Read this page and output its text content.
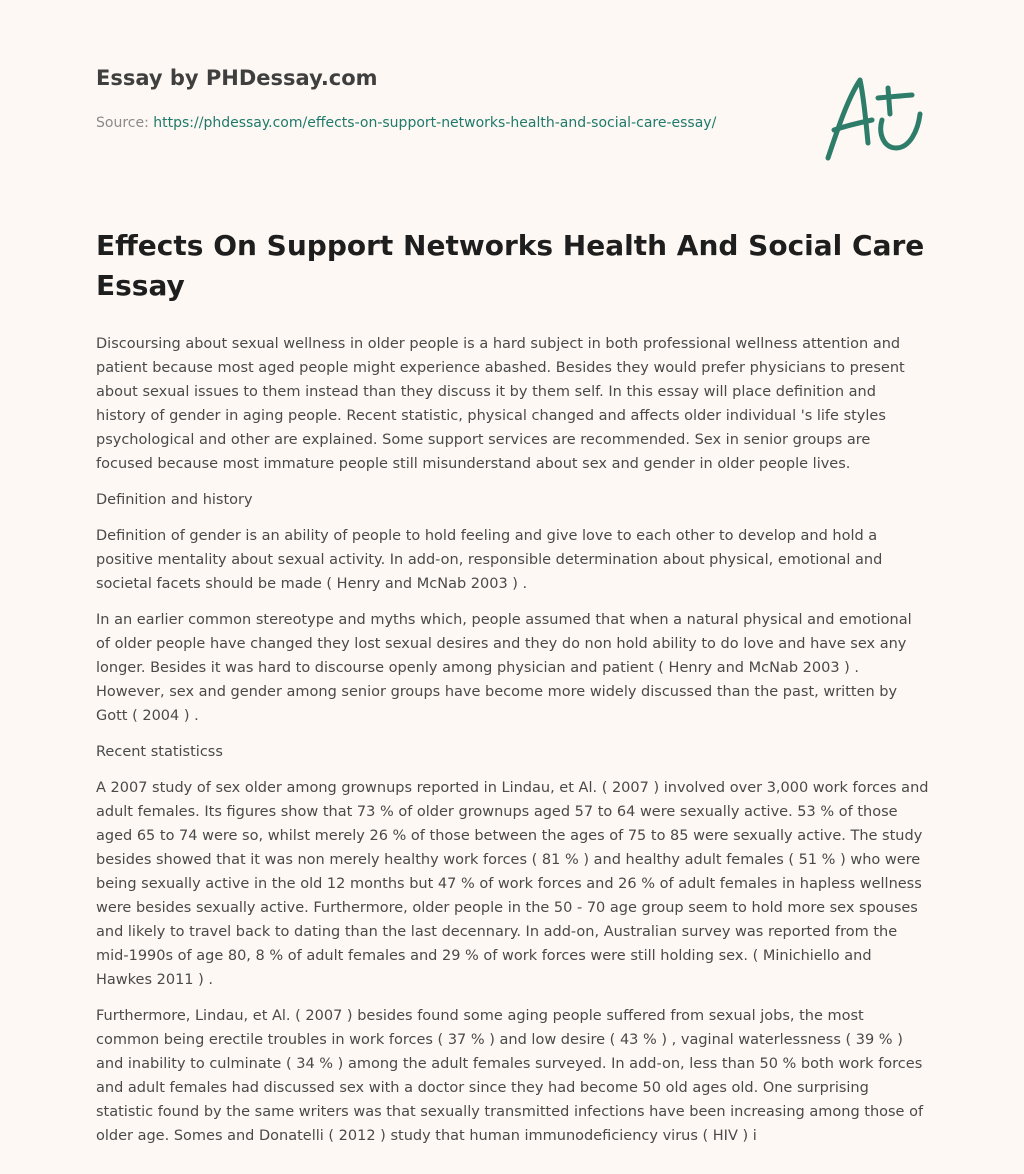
Essay by PHDessay.com
Source: https://phdessay.com/effects-on-support-networks-health-and-social-care-essay/
Effects On Support Networks Health And Social Care Essay

Discoursing about sexual wellness in older people is a hard subject in both professional wellness attention and patient because most aged people might experience abashed. Besides they would prefer physicians to present about sexual issues to them instead than they discuss it by them self. In this essay will place definition and history of gender in aging people. Recent statistic, physical changed and affects older individual 's life styles psychological and other are explained. Some support services are recommended. Sex in senior groups are focused because most immature people still misunderstand about sex and gender in older people lives.

Definition and history

Definition of gender is an ability of people to hold feeling and give love to each other to develop and hold a positive mentality about sexual activity. In add-on, responsible determination about physical, emotional and societal facets should be made ( Henry and McNab 2003 ) .

In an earlier common stereotype and myths which, people assumed that when a natural physical and emotional of older people have changed they lost sexual desires and they do non hold ability to do love and have sex any longer. Besides it was hard to discourse openly among physician and patient ( Henry and McNab 2003 ) . However, sex and gender among senior groups have become more widely discussed than the past, written by Gott ( 2004 ) .

Recent statisticss

A 2007 study of sex older among grownups reported in Lindau, et Al. ( 2007 ) involved over 3,000 work forces and adult females. Its figures show that 73 % of older grownups aged 57 to 64 were sexually active. 53 % of those aged 65 to 74 were so, whilst merely 26 % of those between the ages of 75 to 85 were sexually active. The study besides showed that it was non merely healthy work forces ( 81 % ) and healthy adult females ( 51 % ) who were being sexually active in the old 12 months but 47 % of work forces and 26 % of adult females in hapless wellness were besides sexually active. Furthermore, older people in the 50 - 70 age group seem to hold more sex spouses and likely to travel back to dating than the last decennary. In add-on, Australian survey was reported from the mid-1990s of age 80, 8 % of adult females and 29 % of work forces were still holding sex. ( Minichiello and Hawkes 2011 ) .

Furthermore, Lindau, et Al. ( 2007 ) besides found some aging people suffered from sexual jobs, the most common being erectile troubles in work forces ( 37 % ) and low desire ( 43 % ) , vaginal waterlessness ( 39 % ) and inability to culminate ( 34 % ) among the adult females surveyed. In add-on, less than 50 % both work forces and adult females had discussed sex with a doctor since they had become 50 old ages old. One surprising statistic found by the same writers was that sexually transmitted infections have been increasing among those of older age. Somes and Donatelli ( 2012 ) study that human immunodeficiency virus ( HIV ) i
